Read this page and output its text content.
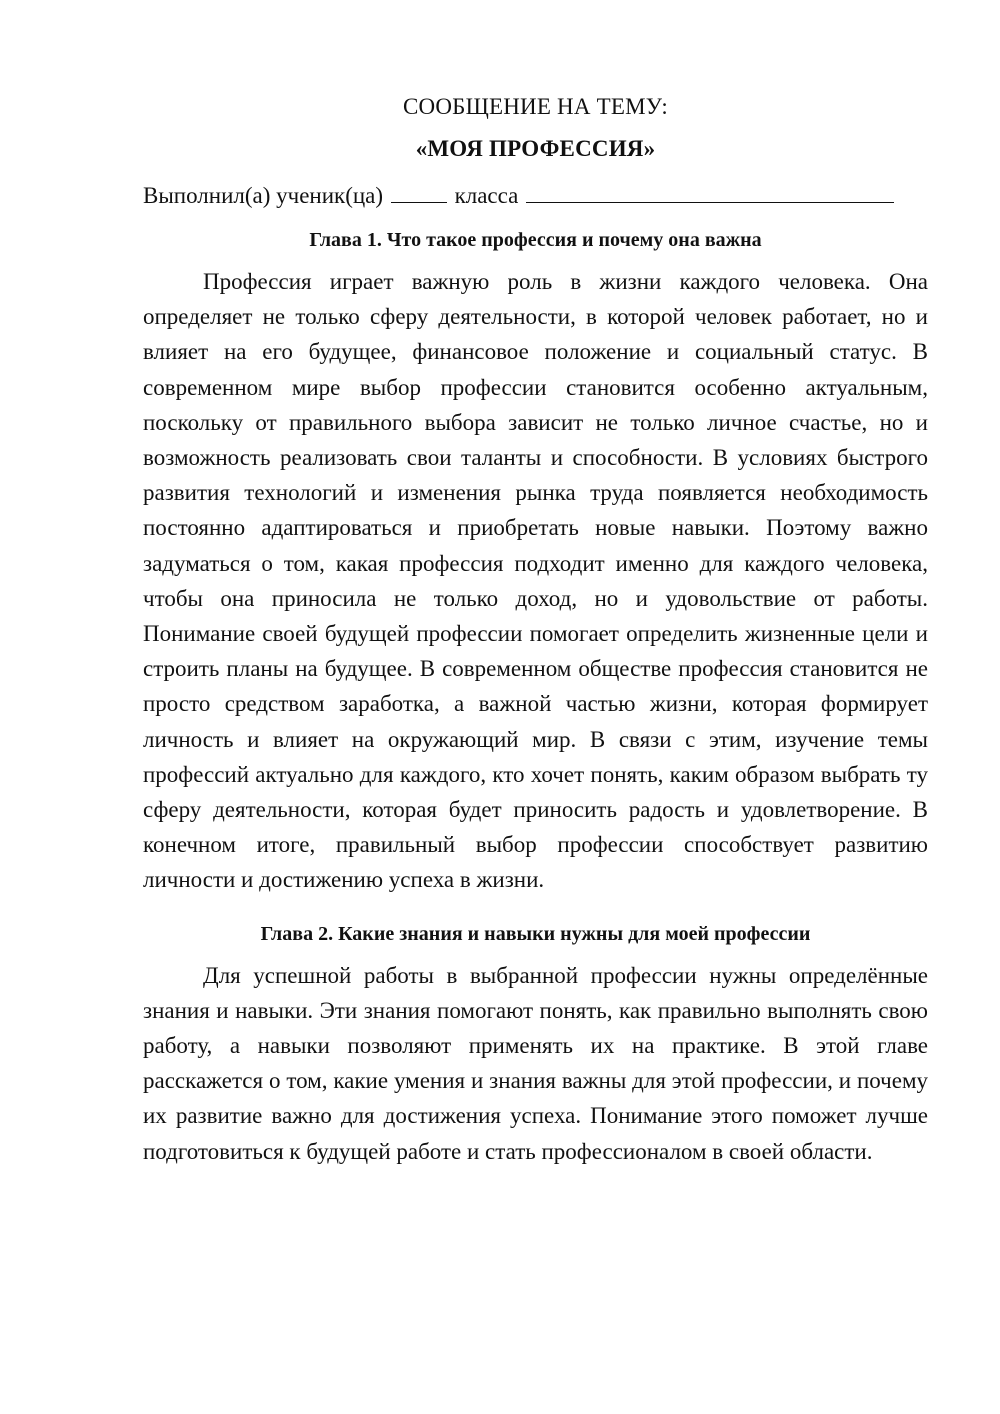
СООБЩЕНИЕ НА ТЕМУ:

«МОЯ ПРОФЕССИЯ»

Выполнил(а) ученик(ца)	класса

Глава 1. Что такое профессия и почему она важна

Профессия играет важную роль в жизни каждого человека. Она определяет не только сферу деятельности, в которой человек работает, но и влияет на его будущее, финансовое положение и социальный статус. В современном мире выбор профессии становится особенно актуальным, поскольку от правильного выбора зависит не только личное счастье, но и возможность реализовать свои таланты и способности. В условиях быстрого развития технологий и изменения рынка труда появляется необходимость постоянно адаптироваться и приобретать новые навыки. Поэтому важно задуматься о том, какая профессия подходит именно для каждого человека, чтобы она приносила не только доход, но и удовольствие от работы. Понимание своей будущей профессии помогает определить жизненные цели и строить планы на будущее. В современном обществе профессия становится не просто средством заработка, а важной частью жизни, которая формирует личность и влияет на окружающий мир. В связи с этим, изучение темы профессий актуально для каждого, кто хочет понять, каким образом выбрать ту сферу деятельности, которая будет приносить радость и удовлетворение. В конечном итоге, правильный выбор профессии способствует развитию личности и достижению успеха в жизни.

Глава 2. Какие знания и навыки нужны для моей профессии

Для успешной работы в выбранной профессии нужны определённые знания и навыки. Эти знания помогают понять, как правильно выполнять свою работу, а навыки позволяют применять их на практике. В этой главе расскажется о том, какие умения и знания важны для этой профессии, и почему их развитие важно для достижения успеха. Понимание этого поможет лучше подготовиться к будущей работе и стать профессионалом в своей области.
